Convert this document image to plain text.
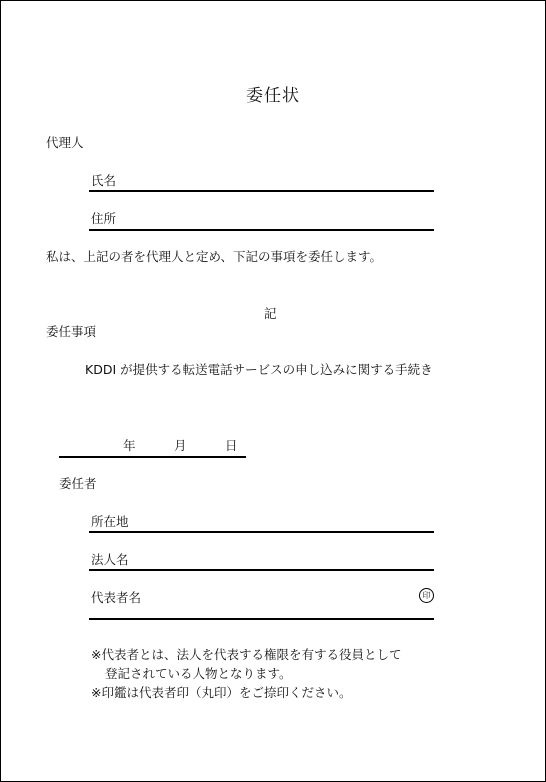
委任状
代理人
氏名
住所
私は、上記の者を代理人と定め、下記の事項を委任します。
記
委任事項
KDDI が提供する転送電話サービスの申し込みに関する手続き
年	月	日
委任者
所在地
法人名
代表者名	印
※代表者とは、法人を代表する権限を有する役員として
登記されている人物となります。
※印鑑は代表者印（丸印）をご捺印ください。
